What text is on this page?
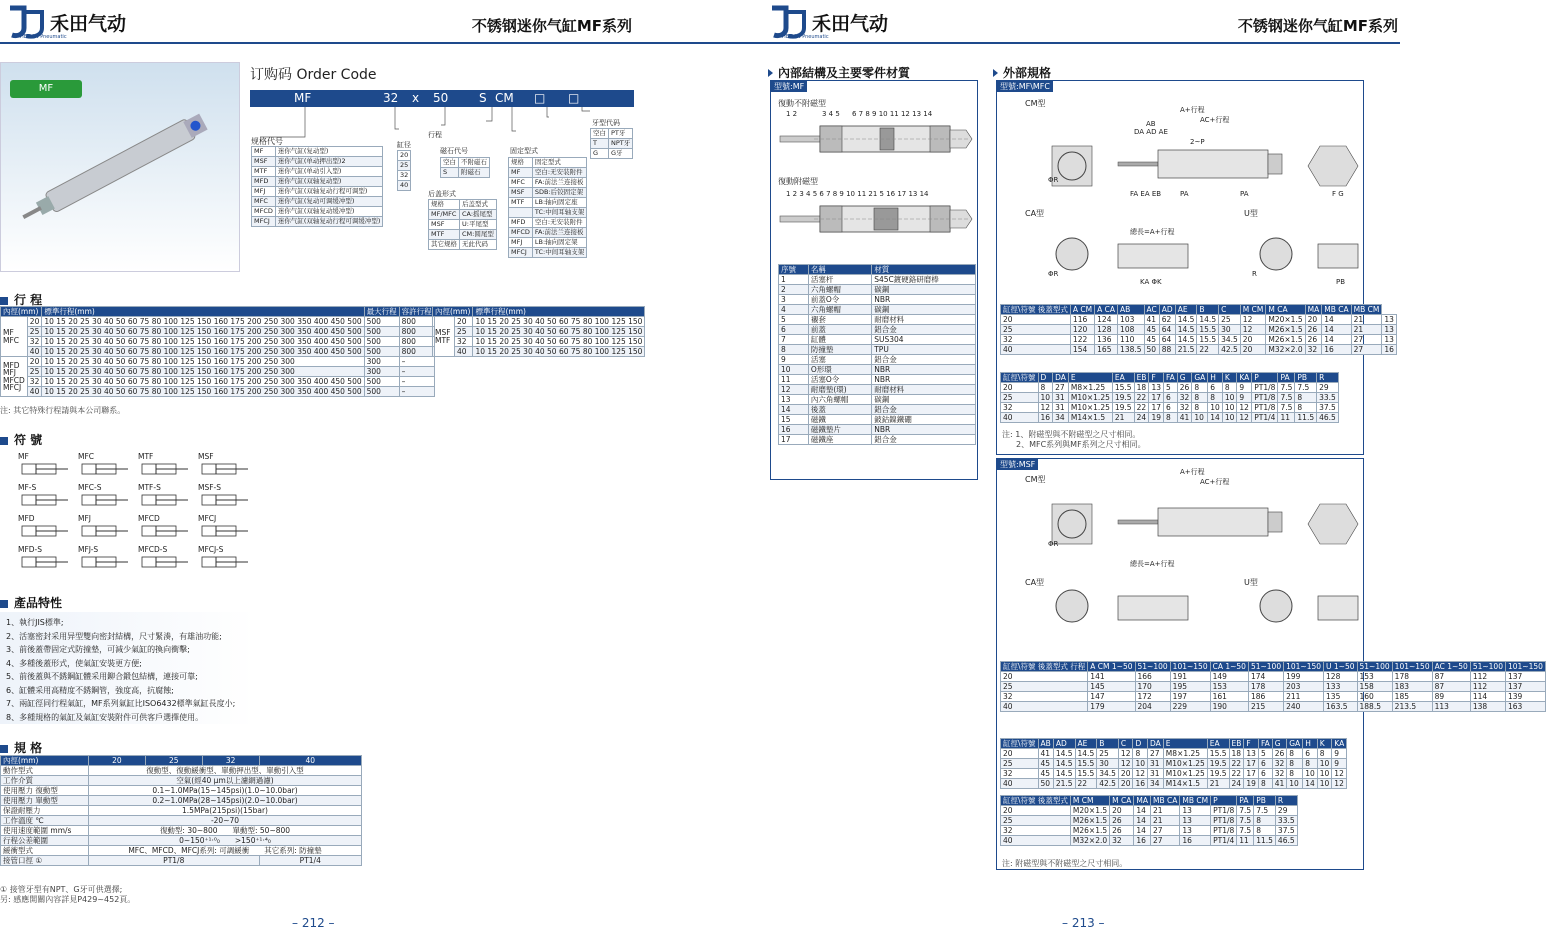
禾田气动
HETIAN Pneumatic
不锈钢迷你气缸MF系列
MF
订购码 Order Code
MF	32 x 50	S CM □ □
规格代号
MF	迷你气缸(复动型)
MSF	迷你气缸(单动押出型)2
MTF	迷你气缸(单动引入型)
MFD	迷你气缸(双轴复动型)
MFJ	迷你气缸(双轴复动行程可调型)
MFC	迷你气缸(复动可调缓冲型)
MFCD	迷你气缸(双轴复动缓冲型)
MFCJ	迷你气缸(双轴复动行程可调缓冲型)
缸径
20
25
32
40
行程
磁石代号
空白	不附磁石
S	附磁石
后盖形式
规格	后盖型式
MF/MFC	CA:摇尾型
MSF	U:平尾型
MTF	CM:圆尾型
其它规格	无此代码
固定型式
规格	固定型式
MF	空白:无安装附件
MFC	FA:前法兰连接板
MSF	SDB:后铰固定架
MTF	LB:轴向固定座
	TC:中间耳轴支架
MFD	空白:无安装附件
MFCD	FA:前法兰连接板
MFJ	LB:轴向固定架
MFCJ	TC:中间耳轴支架
牙型代码
空白	PT牙
T	NPT牙
G	G牙
行 程
內徑(mm)		標準行程(mm)	最大行程	容許行程
MF MFC	20	10 15 20 25 30 40 50 60 75 80 100 125 150 160 175 200 250 300 350 400 450 500	500	800
	25	10 15 20 25 30 40 50 60 75 80 100 125 150 160 175 200 250 300 350 400 450 500	500	800
	32	10 15 20 25 30 40 50 60 75 80 100 125 150 160 175 200 250 300 350 400 450 500	500	800
	40	10 15 20 25 30 40 50 60 75 80 100 125 150 160 175 200 250 300 350 400 450 500	500	800
MFD MFJ MFCD MFCJ	20	10 15 20 25 30 40 50 60 75 80 100 125 150 160 175 200 250 300	300	–
	25	10 15 20 25 30 40 50 60 75 80 100 125 150 160 175 200 250 300	300	–
	32	10 15 20 25 30 40 50 60 75 80 100 125 150 160 175 200 250 300 350 400 450 500	500	–
	40	10 15 20 25 30 40 50 60 75 80 100 125 150 160 175 200 250 300 350 400 450 500	500	–
內徑(mm)		標準行程(mm)
MSF MTF	20	10 15 20 25 30 40 50 60 75 80 100 125 150
	25	10 15 20 25 30 40 50 60 75 80 100 125 150
	32	10 15 20 25 30 40 50 60 75 80 100 125 150
	40	10 15 20 25 30 40 50 60 75 80 100 125 150
注: 其它特殊行程請與本公司聯系。
符 號
MF	MFC	MTF	MSF
MF-S	MFC-S	MTF-S	MSF-S
MFD	MFJ	MFCD	MFCJ
MFD-S	MFJ-S	MFCD-S	MFCJ-S
產品特性
1、執行JIS標準;
2、活塞密封采用异型雙向密封結構，尺寸緊湊，有雄油功能;
3、前後蓋帶固定式防撞墊，可減少氣缸的換向衝擊;
4、多種後蓋形式，使氣缸安裝更方便;
5、前後蓋與不銹鋼缸體采用鉚合鍛包結構，連接可靠;
6、缸體采用高精度不銹鋼管，強度高，抗腐蝕;
7、兩缸徑同行程氣缸，MF系列氣缸比ISO6432標準氣缸長度小;
8、多種規格的氣缸及氣缸安裝附件可供客戶選擇使用。
規 格
內徑(mm)	20	25	32	40
動作型式	復動型、復動緩衝型、單動押出型、單動引入型			
工作介質	空氣(經40 μm以上濾網過濾)			
使用壓力 復動型	0.1~1.0MPa(15~145psi)(1.0~10.0bar)			
使用壓力 單動型	0.2~1.0MPa(28~145psi)(2.0~10.0bar)			
保證耐壓力	1.5MPa(215psi)(15bar)			
工作溫度 ℃	-20~70			
使用速度範圍 mm/s	復動型: 30~800　　單動型: 50~800			
行程公差範圍	0~150⁺¹·⁰₀　　>150⁺¹·⁴₀			
緩衝型式	MFC、MFCD、MFCJ系列: 可調緩衝　　其它系列: 防撞墊			
接管口徑 ①	PT1/8			PT1/4
① 接管牙型有NPT、G牙可供選擇;
另: 感應開關內容詳見P429~452頁。
– 212 –
禾田气动
HETIAN Pneumatic
不锈钢迷你气缸MF系列
內部結構及主要零件材質
型號:MF
復動不附磁型
1 2	3 4 5 6 7 8 9 10 11 12 13 14
復動附磁型
1 2 3 4 5 6 7 8 9 10 11 21 5 16 17 13 14
序號	名稱	材質
1	活塞杆	S45C鍍硬鉻研磨棒
2	六角螺帽	碳鋼
3	前蓋O令	NBR
4	六角螺帽	碳鋼
5	襯套	耐磨材料
6	前蓋	鋁合金
7	缸體	SUS304
8	防撞墊	TPU
9	活塞	鋁合金
10	O形環	NBR
11	活塞O令	NBR
12	耐磨墊(環)	耐磨材料
13	內六角螺帽	碳鋼
14	後蓋	鋁合金
15	磁鐵	鈹鈷鎳鐵硼
16	磁鐵墊片	NBR
17	磁鐵座	鋁合金
外部規格
型號:MF\MFC
CM型
CA型	U型
A+行程
AC+行程
2~P
AB
DA AD AE
ΦR
F G
FA EA EB	PA	PA
總長=A+行程
ΦR
KA ΦK
R
PB
缸徑\符號 後蓋型式	A CM	A CA	AB	AC	AD	AE	B	C	M CM	M CA	MA	MB CA	MB CM	
20	116	124	103	41	62	14.5	14.5	25	12	M20×1.5	20	14	21	13
25	120	128	108	45	64	14.5	15.5	30	12	M26×1.5	26	14	21	13
32	122	136	110	45	64	14.5	15.5	34.5	20	M26×1.5	26	14	27	13
40	154	165	138.5	50	88	21.5	22	42.5	20	M32×2.0	32	16	27	16
缸徑\符號	D	DA	E	EA	EB	F	FA	G	GA	H	K	KA	P	PA	PB	R
20	8	27	M8×1.25	15.5	18	13	5	26	8	6	8	9	PT1/8	7.5	7.5	29
25	10	31	M10×1.25	19.5	22	17	6	32	8	8	10	9	PT1/8	7.5	8	33.5
32	12	31	M10×1.25	19.5	22	17	6	32	8	10	10	12	PT1/8	7.5	8	37.5
40	16	34	M14×1.5	21	24	19	8	41	10	14	10	12	PT1/4	11	11.5	46.5
注: 1、附磁型與不附磁型之尺寸相同。
2、MFC系列與MF系列之尺寸相同。
型號:MSF
CM型
CA型	U型
A+行程
AC+行程
ΦR
總長=A+行程
缸徑\符號 後蓋型式 行程	A CM 1~50	51~100	101~150	CA 1~50	51~100	101~150	U 1~50	51~100	101~150	AC 1~50	51~100	101~150
20	141	166	191	149	174	199	128	153	178	87	112	137
25	145	170	195	153	178	203	133	158	183	87	112	137
32	147	172	197	161	186	211	135	160	185	89	114	139
40	179	204	229	190	215	240	163.5	188.5	213.5	113	138	163
缸徑\符號	AB	AD	AE	B	C	D	DA	E	EA	EB	F	FA	G	GA	H	K	KA
20	41	14.5	14.5	25	12	8	27	M8×1.25	15.5	18	13	5	26	8	6	8	9
25	45	14.5	15.5	30	12	10	31	M10×1.25	19.5	22	17	6	32	8	8	10	9
32	45	14.5	15.5	34.5	20	12	31	M10×1.25	19.5	22	17	6	32	8	10	10	12
40	50	21.5	22	42.5	20	16	34	M14×1.5	21	24	19	8	41	10	14	10	12
缸徑\符號 後蓋型式	M CM	M CA	MA	MB CA	MB CM	P	PA	PB	R
20	M20×1.5	20	14	21	13	PT1/8	7.5	7.5	29
25	M26×1.5	26	14	21	13	PT1/8	7.5	8	33.5
32	M26×1.5	26	14	27	13	PT1/8	7.5	8	37.5
40	M32×2.0	32	16	27	16	PT1/4	11	11.5	46.5
注: 附磁型與不附磁型之尺寸相同。
– 213 –
